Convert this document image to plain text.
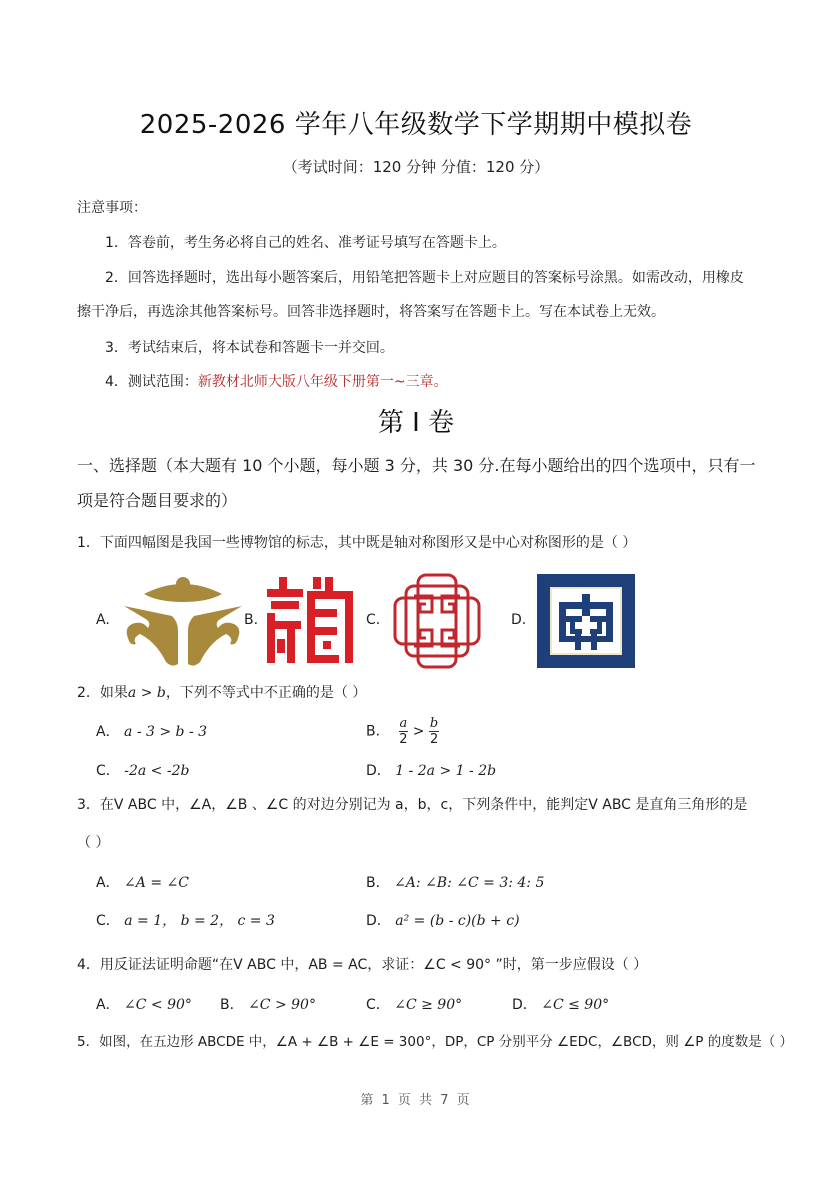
2025-2026 学年八年级数学下学期期中模拟卷
（考试时间：120 分钟 分值：120 分）
注意事项：
1．答卷前，考生务必将自己的姓名、准考证号填写在答题卡上。
2．回答选择题时，选出每小题答案后，用铅笔把答题卡上对应题目的答案标号涂黑。如需改动，用橡皮
擦干净后，再选涂其他答案标号。回答非选择题时，将答案写在答题卡上。写在本试卷上无效。
3．考试结束后，将本试卷和答题卡一并交回。
4．测试范围：新教材北师大版八年级下册第一~三章。
第 I 卷
一、选择题（本大题有 10 个小题，每小题 3 分，共 30 分.在每小题给出的四个选项中，只有一
项是符合题目要求的）
1．下面四幅图是我国一些博物馆的标志，其中既是轴对称图形又是中心对称图形的是（ ）
A.	B.	C.	D.
2．如果a > b，下列不等式中不正确的是（ ）
A． a - 3 > b - 3	B． $\frac{a}{2} > \frac{b}{2}$
C． -2a < -2b	D． 1 - 2a > 1 - 2b
3．在V ABC 中，∠A，∠B 、∠C 的对边分别记为 a，b，c，下列条件中，能判定V ABC 是直角三角形的是
（ ）
A． ∠A = ∠C	B． ∠A: ∠B: ∠C = 3: 4: 5
C． a = 1， b = 2， c = 3	D． a² = (b - c)(b + c)
4．用反证法证明命题“在V ABC 中，AB = AC，求证：∠C < 90° ”时，第一步应假设（ ）
A． ∠C < 90° B． ∠C > 90°	C． ∠C ≥ 90°	D． ∠C ≤ 90°
5．如图，在五边形 ABCDE 中，∠A + ∠B + ∠E = 300°，DP，CP 分别平分 ∠EDC，∠BCD，则 ∠P 的度数是（ ）
第 1 页 共 7 页
